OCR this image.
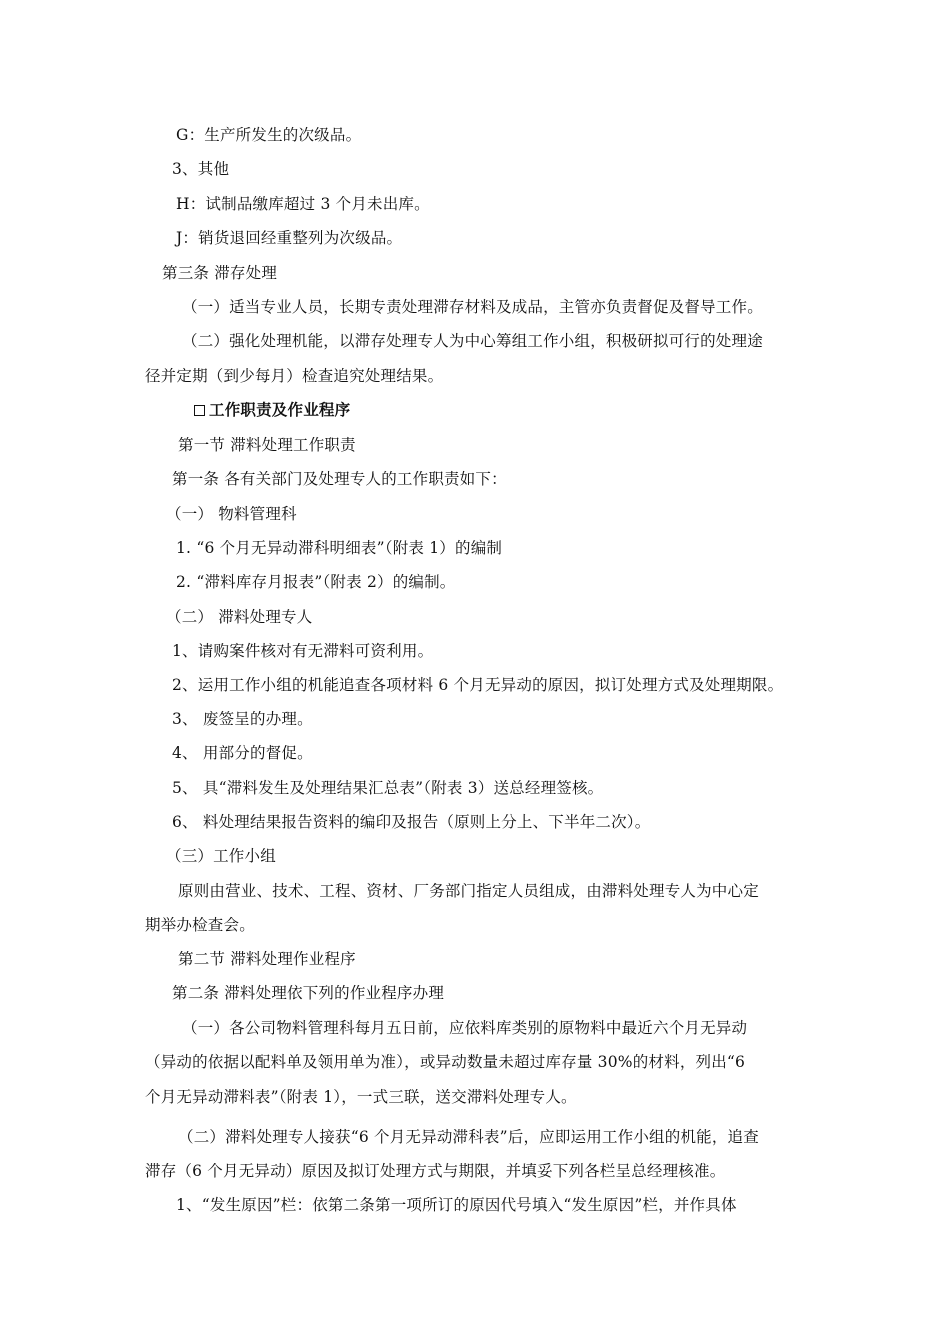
G：生产所发生的次级品。
3、其他
H：试制品缴库超过 3 个月未出库。
J：销货退回经重整列为次级品。
第三条 滞存处理
（一）适当专业人员，长期专责处理滞存材料及成品，主管亦负责督促及督导工作。
（二）强化处理机能，以滞存处理专人为中心筹组工作小组，积极研拟可行的处理途
径并定期（到少每月）检查追究处理结果。
工作职责及作业程序
第一节 滞料处理工作职责
第一条 各有关部门及处理专人的工作职责如下：
（一） 物料管理科
1. “6 个月无异动滞科明细表”（附表 1）的编制
2. “滞料库存月报表”（附表 2）的编制。
（二） 滞料处理专人
1、请购案件核对有无滞料可资利用。
2、运用工作小组的机能追查各项材料 6 个月无异动的原因，拟订处理方式及处理期限。
3、 废签呈的办理。
4、 用部分的督促。
5、 具“滞料发生及处理结果汇总表”（附表 3）送总经理签核。
6、 料处理结果报告资料的编印及报告（原则上分上、下半年二次）。
（三）工作小组
原则由营业、技术、工程、资材、厂务部门指定人员组成，由滞料处理专人为中心定
期举办检查会。
第二节 滞料处理作业程序
第二条 滞料处理依下列的作业程序办理
（一）各公司物料管理科每月五日前，应依料库类别的原物料中最近六个月无异动
（异动的依据以配料单及领用单为准），或异动数量未超过库存量 30%的材料，列出“6
个月无异动滞料表”（附表 1），一式三联，送交滞料处理专人。
（二）滞料处理专人接获“6 个月无异动滞科表”后，应即运用工作小组的机能，追查
滞存（6 个月无异动）原因及拟订处理方式与期限，并填妥下列各栏呈总经理核准。
1、“发生原因”栏：依第二条第一项所订的原因代号填入“发生原因”栏，并作具体
